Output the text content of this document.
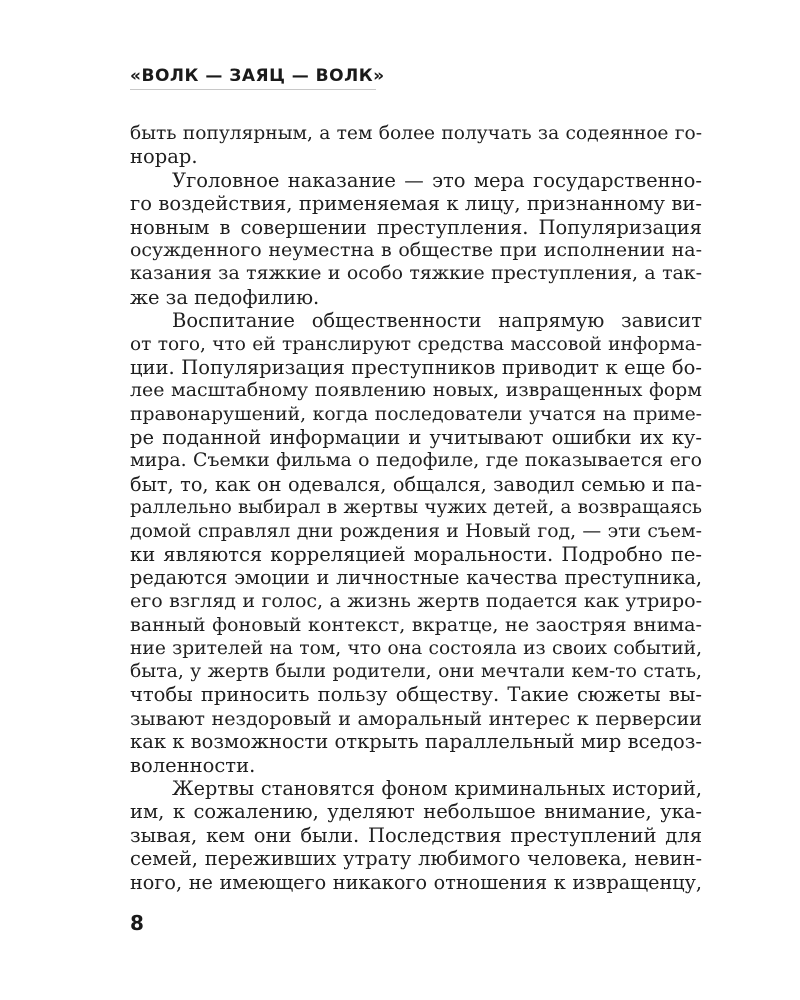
«ВОЛК — ЗАЯЦ — ВОЛК»
быть популярным, а тем более получать за содеянное го-
норар.
Уголовное наказание — это мера государственно-
го воздействия, применяемая к лицу, признанному ви-
новным в совершении преступления. Популяризация
осужденного неуместна в обществе при исполнении на-
казания за тяжкие и особо тяжкие преступления, а так-
же за педофилию.
Воспитание общественности напрямую зависит
от того, что ей транслируют средства массовой информа-
ции. Популяризация преступников приводит к еще бо-
лее масштабному появлению новых, извращенных форм
правонарушений, когда последователи учатся на приме-
ре поданной информации и учитывают ошибки их ку-
мира. Съемки фильма о педофиле, где показывается его
быт, то, как он одевался, общался, заводил семью и па-
раллельно выбирал в жертвы чужих детей, а возвращаясь
домой справлял дни рождения и Новый год, — эти съем-
ки являются корреляцией моральности. Подробно пе-
редаются эмоции и личностные качества преступника,
его взгляд и голос, а жизнь жертв подается как утриро-
ванный фоновый контекст, вкратце, не заостряя внима-
ние зрителей на том, что она состояла из своих событий,
быта, у жертв были родители, они мечтали кем-то стать,
чтобы приносить пользу обществу. Такие сюжеты вы-
зывают нездоровый и аморальный интерес к перверсии
как к возможности открыть параллельный мир вседоз-
воленности.
Жертвы становятся фоном криминальных историй,
им, к сожалению, уделяют небольшое внимание, ука-
зывая, кем они были. Последствия преступлений для
семей, переживших утрату любимого человека, невин-
ного, не имеющего никакого отношения к извращенцу,
8
